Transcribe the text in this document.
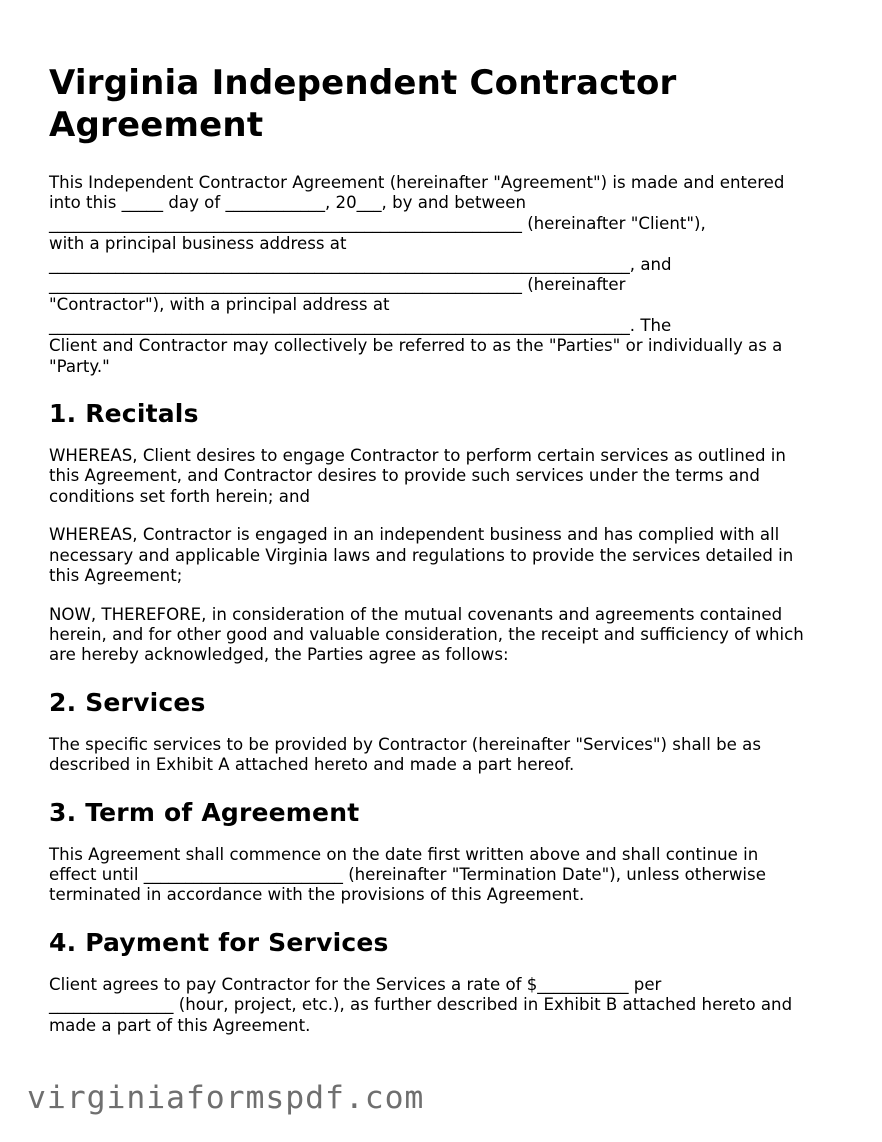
Virginia Independent Contractor
Agreement

This Independent Contractor Agreement (hereinafter "Agreement") is made and entered
into this _____ day of ____________, 20___, by and between
_________________________________________________________ (hereinafter "Client"),
with a principal business address at
______________________________________________________________________, and
_________________________________________________________ (hereinafter
"Contractor"), with a principal address at
______________________________________________________________________. The
Client and Contractor may collectively be referred to as the "Parties" or individually as a
"Party."

1. Recitals

WHEREAS, Client desires to engage Contractor to perform certain services as outlined in
this Agreement, and Contractor desires to provide such services under the terms and
conditions set forth herein; and

WHEREAS, Contractor is engaged in an independent business and has complied with all
necessary and applicable Virginia laws and regulations to provide the services detailed in
this Agreement;

NOW, THEREFORE, in consideration of the mutual covenants and agreements contained
herein, and for other good and valuable consideration, the receipt and sufficiency of which
are hereby acknowledged, the Parties agree as follows:

2. Services

The specific services to be provided by Contractor (hereinafter "Services") shall be as
described in Exhibit A attached hereto and made a part hereof.

3. Term of Agreement

This Agreement shall commence on the date first written above and shall continue in
effect until ________________________ (hereinafter "Termination Date"), unless otherwise
terminated in accordance with the provisions of this Agreement.

4. Payment for Services

Client agrees to pay Contractor for the Services a rate of $___________ per
_______________ (hour, project, etc.), as further described in Exhibit B attached hereto and
made a part of this Agreement.

virginiaformspdf.com
